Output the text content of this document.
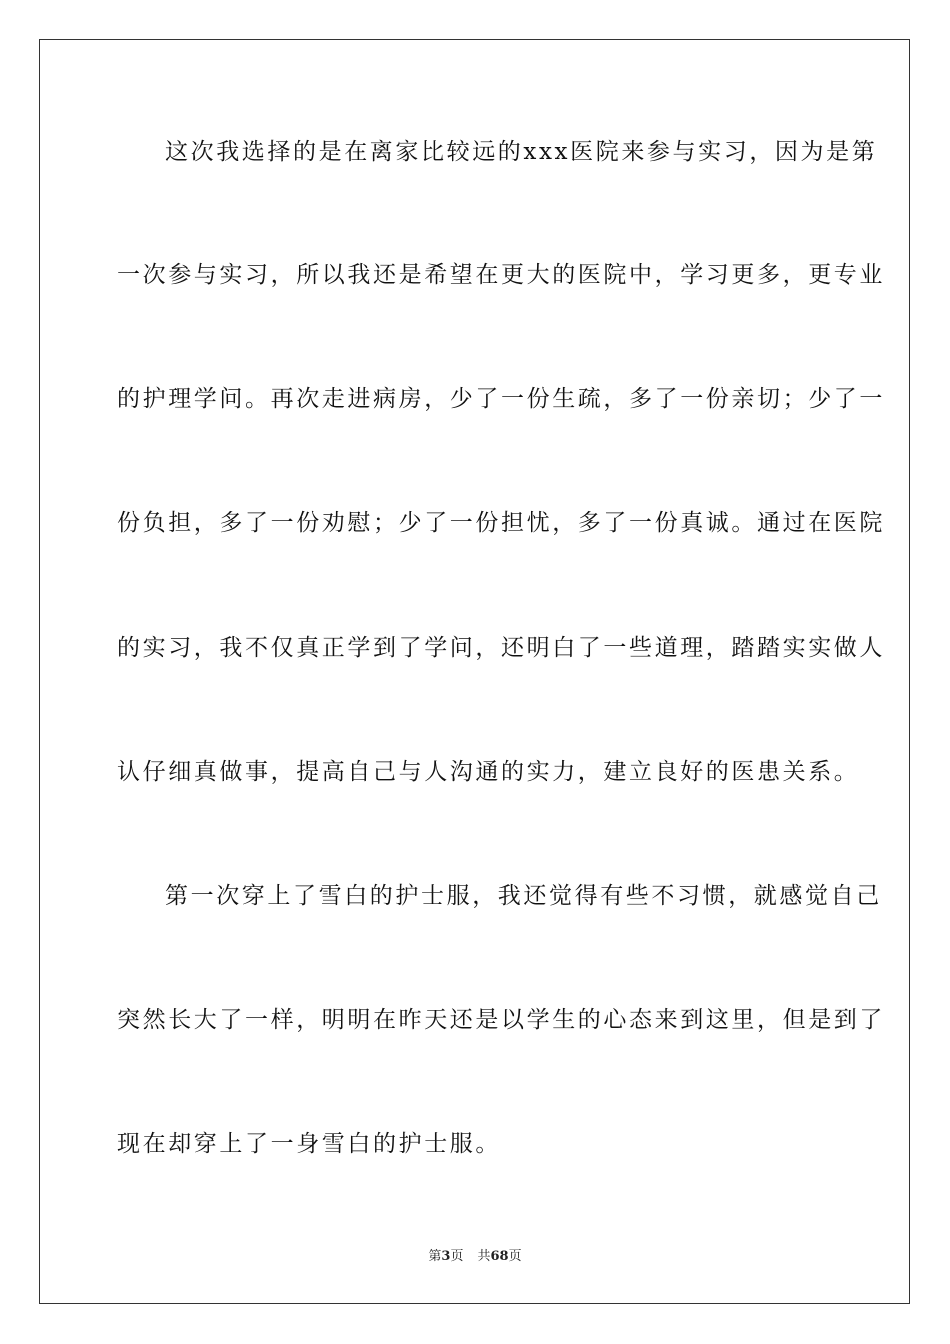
这次我选择的是在离家比较远的xxx医院来参与实习，因为是第
一次参与实习，所以我还是希望在更大的医院中，学习更多，更专业
的护理学问。再次走进病房，少了一份生疏，多了一份亲切；少了一
份负担，多了一份劝慰；少了一份担忧，多了一份真诚。通过在医院
的实习，我不仅真正学到了学问，还明白了一些道理，踏踏实实做人
认仔细真做事，提高自己与人沟通的实力，建立良好的医患关系。
第一次穿上了雪白的护士服，我还觉得有些不习惯，就感觉自己
突然长大了一样，明明在昨天还是以学生的心态来到这里，但是到了
现在却穿上了一身雪白的护士服。
第3页 共68页
